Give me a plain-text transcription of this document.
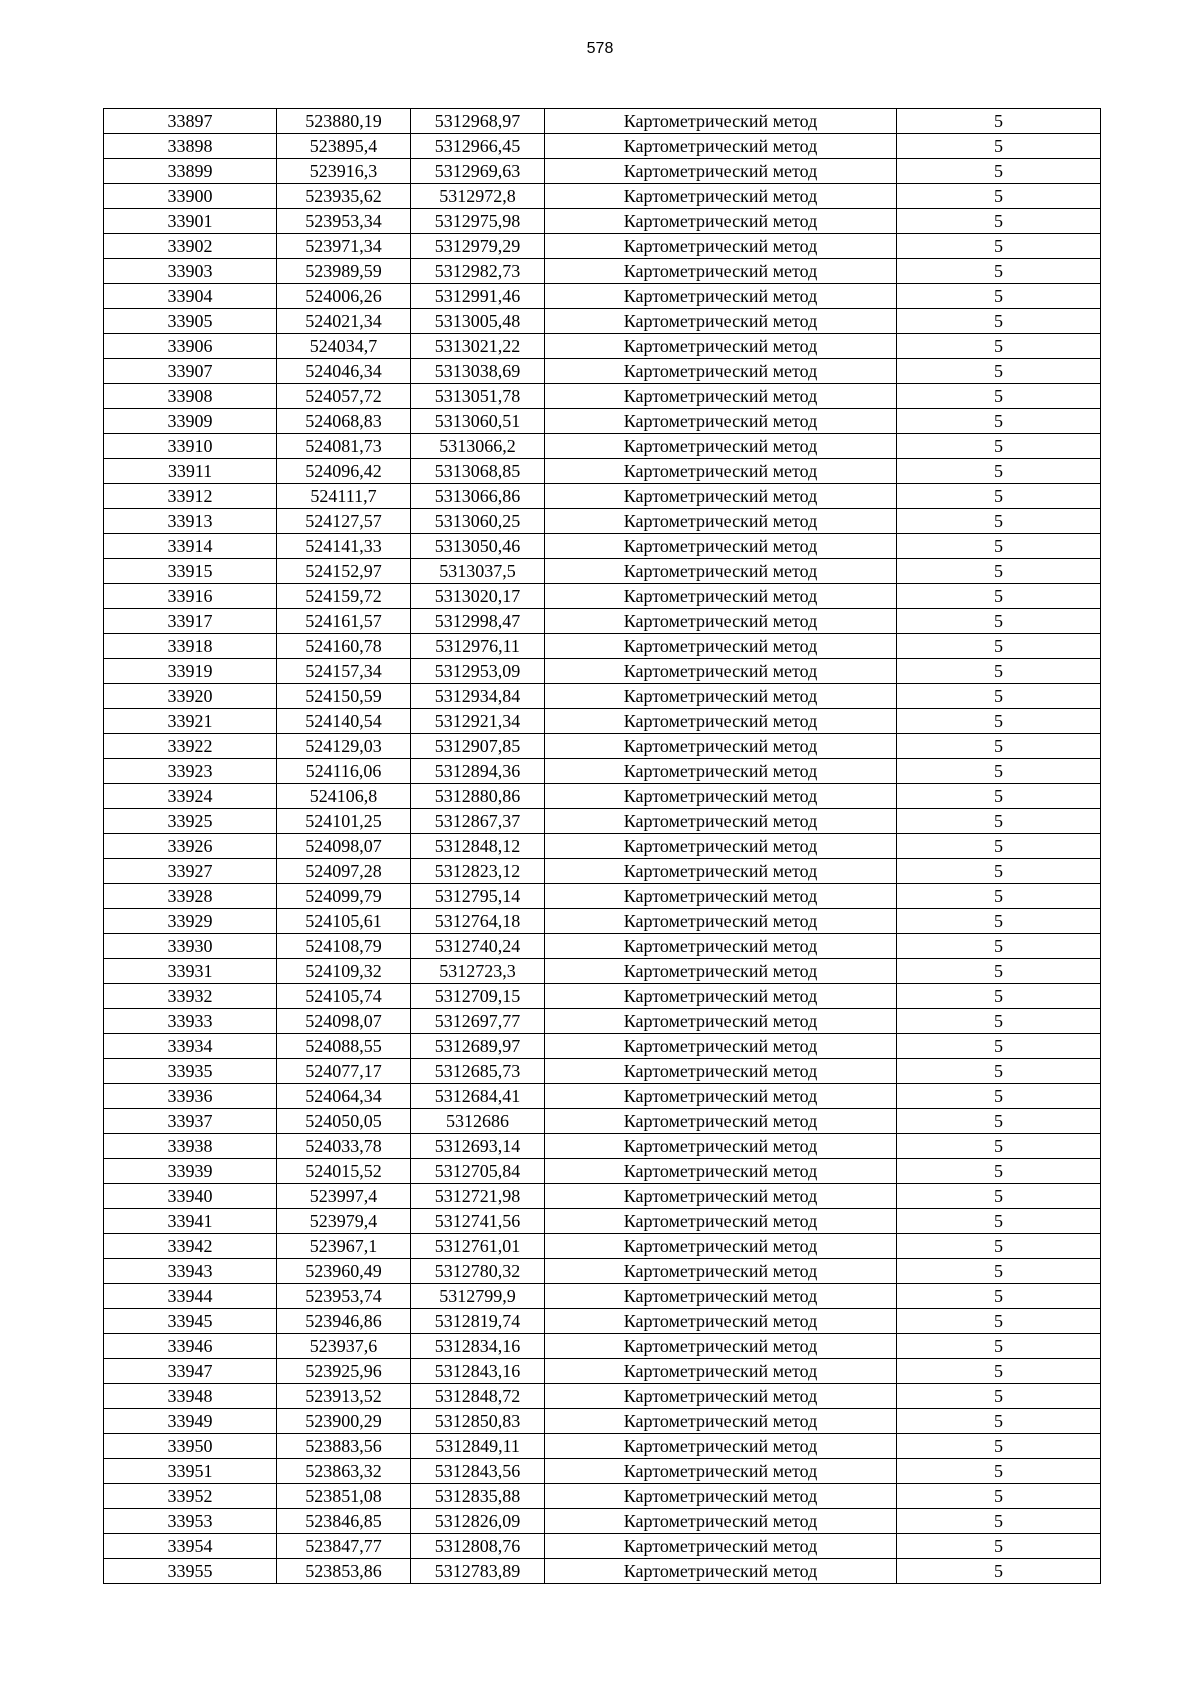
578
33897	523880,19	5312968,97	Картометрический метод	5
33898	523895,4	5312966,45	Картометрический метод	5
33899	523916,3	5312969,63	Картометрический метод	5
33900	523935,62	5312972,8	Картометрический метод	5
33901	523953,34	5312975,98	Картометрический метод	5
33902	523971,34	5312979,29	Картометрический метод	5
33903	523989,59	5312982,73	Картометрический метод	5
33904	524006,26	5312991,46	Картометрический метод	5
33905	524021,34	5313005,48	Картометрический метод	5
33906	524034,7	5313021,22	Картометрический метод	5
33907	524046,34	5313038,69	Картометрический метод	5
33908	524057,72	5313051,78	Картометрический метод	5
33909	524068,83	5313060,51	Картометрический метод	5
33910	524081,73	5313066,2	Картометрический метод	5
33911	524096,42	5313068,85	Картометрический метод	5
33912	524111,7	5313066,86	Картометрический метод	5
33913	524127,57	5313060,25	Картометрический метод	5
33914	524141,33	5313050,46	Картометрический метод	5
33915	524152,97	5313037,5	Картометрический метод	5
33916	524159,72	5313020,17	Картометрический метод	5
33917	524161,57	5312998,47	Картометрический метод	5
33918	524160,78	5312976,11	Картометрический метод	5
33919	524157,34	5312953,09	Картометрический метод	5
33920	524150,59	5312934,84	Картометрический метод	5
33921	524140,54	5312921,34	Картометрический метод	5
33922	524129,03	5312907,85	Картометрический метод	5
33923	524116,06	5312894,36	Картометрический метод	5
33924	524106,8	5312880,86	Картометрический метод	5
33925	524101,25	5312867,37	Картометрический метод	5
33926	524098,07	5312848,12	Картометрический метод	5
33927	524097,28	5312823,12	Картометрический метод	5
33928	524099,79	5312795,14	Картометрический метод	5
33929	524105,61	5312764,18	Картометрический метод	5
33930	524108,79	5312740,24	Картометрический метод	5
33931	524109,32	5312723,3	Картометрический метод	5
33932	524105,74	5312709,15	Картометрический метод	5
33933	524098,07	5312697,77	Картометрический метод	5
33934	524088,55	5312689,97	Картометрический метод	5
33935	524077,17	5312685,73	Картометрический метод	5
33936	524064,34	5312684,41	Картометрический метод	5
33937	524050,05	5312686	Картометрический метод	5
33938	524033,78	5312693,14	Картометрический метод	5
33939	524015,52	5312705,84	Картометрический метод	5
33940	523997,4	5312721,98	Картометрический метод	5
33941	523979,4	5312741,56	Картометрический метод	5
33942	523967,1	5312761,01	Картометрический метод	5
33943	523960,49	5312780,32	Картометрический метод	5
33944	523953,74	5312799,9	Картометрический метод	5
33945	523946,86	5312819,74	Картометрический метод	5
33946	523937,6	5312834,16	Картометрический метод	5
33947	523925,96	5312843,16	Картометрический метод	5
33948	523913,52	5312848,72	Картометрический метод	5
33949	523900,29	5312850,83	Картометрический метод	5
33950	523883,56	5312849,11	Картометрический метод	5
33951	523863,32	5312843,56	Картометрический метод	5
33952	523851,08	5312835,88	Картометрический метод	5
33953	523846,85	5312826,09	Картометрический метод	5
33954	523847,77	5312808,76	Картометрический метод	5
33955	523853,86	5312783,89	Картометрический метод	5
